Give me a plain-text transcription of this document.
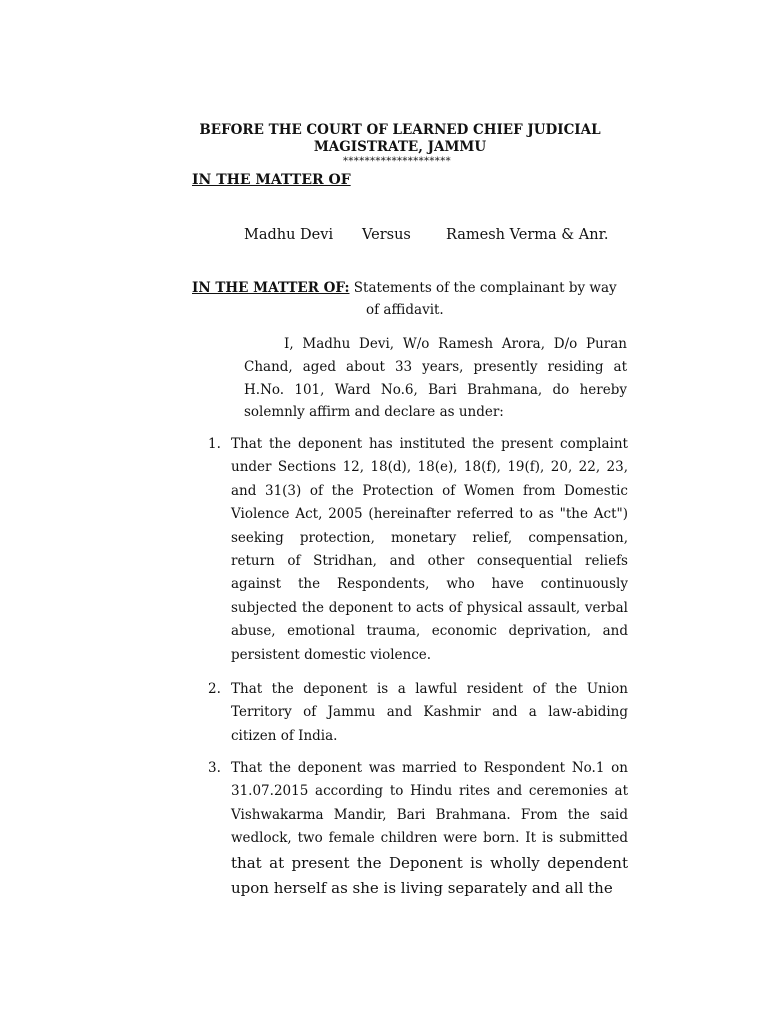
BEFORE THE COURT OF LEARNED CHIEF JUDICIAL MAGISTRATE, JAMMU
********************
IN THE MATTER OF
Madhu Devi Versus Ramesh Verma & Anr.
IN THE MATTER OF: Statements of the complainant by way
of affidavit.

I, Madhu Devi, W/o Ramesh Arora, D/o Puran Chand, aged about 33 years, presently residing at H.No. 101, Ward No.6, Bari Brahmana, do hereby solemnly affirm and declare as under:

1. That the deponent has instituted the present complaint under Sections 12, 18(d), 18(e), 18(f), 19(f), 20, 22, 23, and 31(3) of the Protection of Women from Domestic Violence Act, 2005 (hereinafter referred to as "the Act") seeking protection, monetary relief, compensation, return of Stridhan, and other consequential reliefs against the Respondents, who have continuously subjected the deponent to acts of physical assault, verbal abuse, emotional trauma, economic deprivation, and persistent domestic violence.
2. That the deponent is a lawful resident of the Union Territory of Jammu and Kashmir and a law-abiding citizen of India.
3. That the deponent was married to Respondent No.1 on 31.07.2015 according to Hindu rites and ceremonies at Vishwakarma Mandir, Bari Brahmana. From the said wedlock, two female children were born. It is submitted that at present the Deponent is wholly dependent upon herself as she is living separately and all the
